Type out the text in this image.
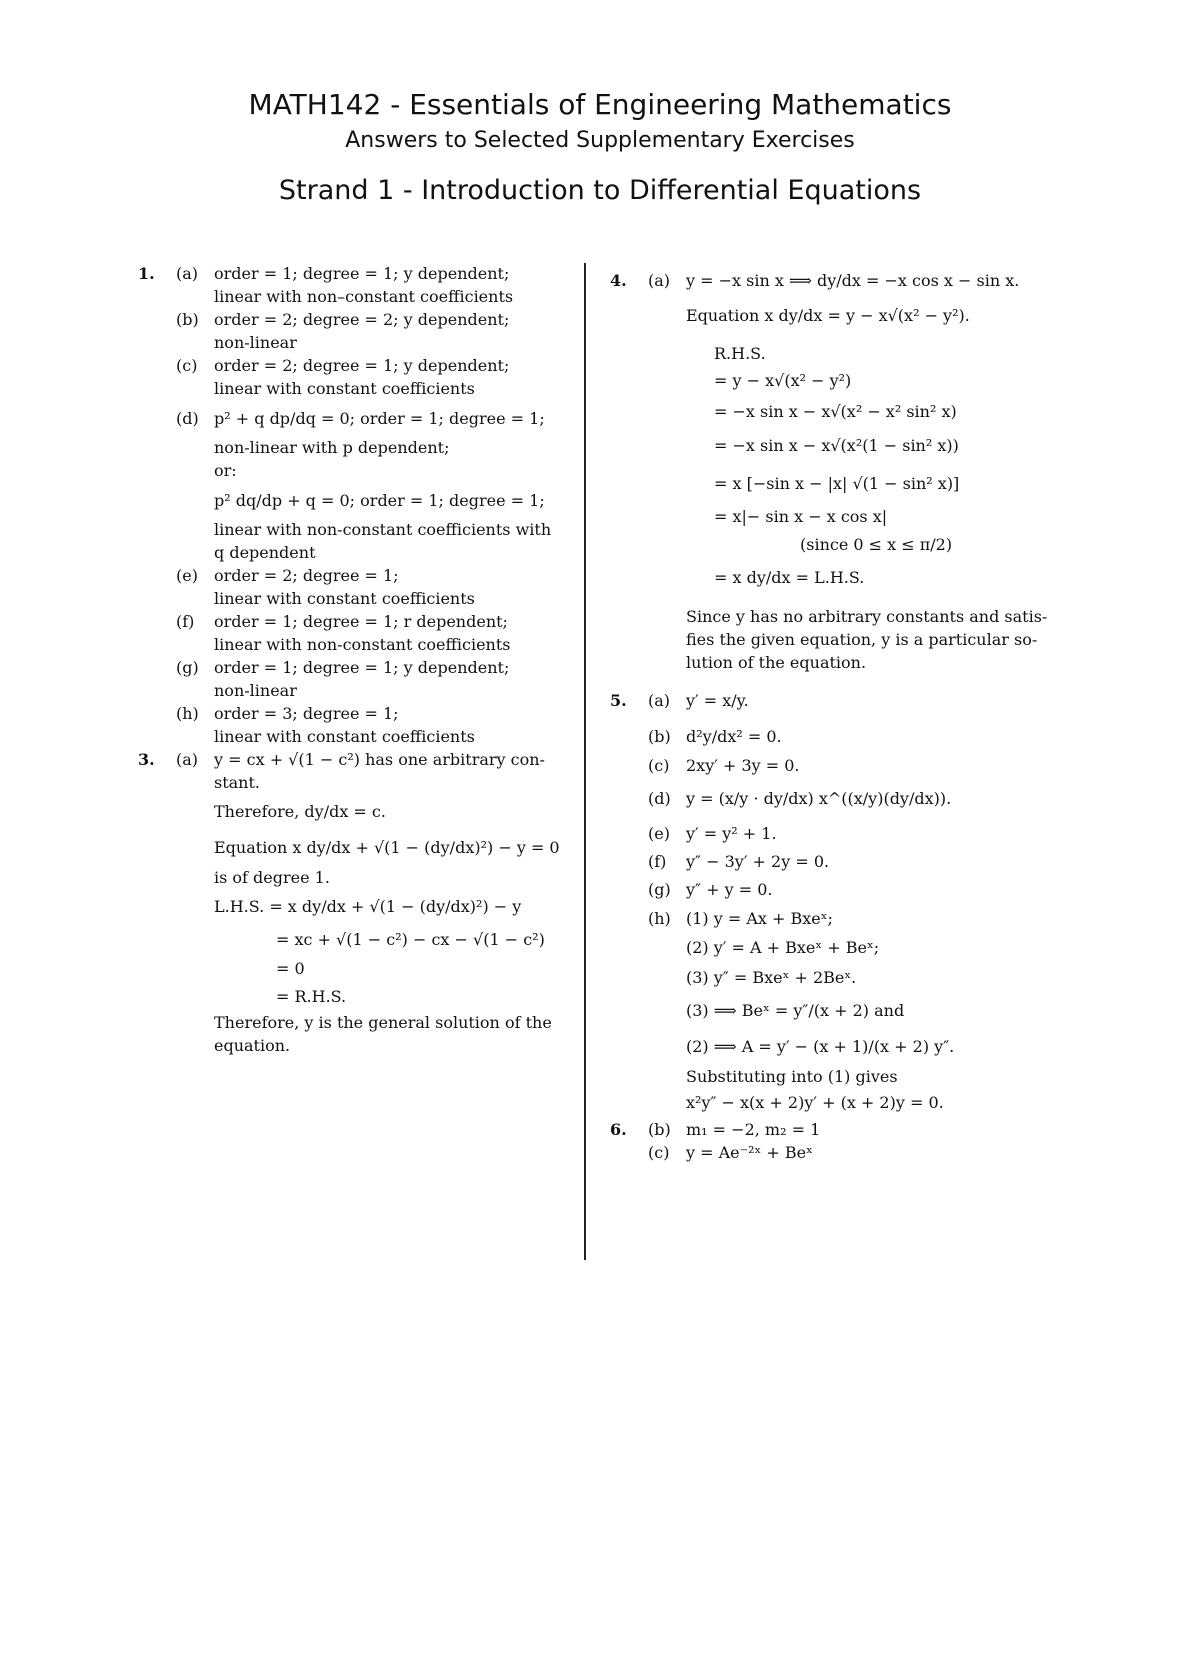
MATH142 - Essentials of Engineering Mathematics
Answers to Selected Supplementary Exercises
Strand 1 - Introduction to Differential Equations
1.	(a) order = 1; degree = 1; y dependent;
linear with non–constant coefficients
(b) order = 2; degree = 2; y dependent;
non-linear
(c)	order = 2; degree = 1; y dependent;
linear with constant coefficients
(d) p² + q dp/dq = 0; order = 1; degree = 1;
non-linear with p dependent;
or:
p² dq/dp + q = 0; order = 1; degree = 1;
linear with non-constant coefficients with
q dependent
(e)	order = 2; degree = 1;
linear with constant coefficients
(f)	order = 1; degree = 1; r dependent;
linear with non-constant coefficients
(g) order = 1; degree = 1; y dependent;
non-linear
(h) order = 3; degree = 1;
linear with constant coefficients
3.	(a) y = cx + √(1 − c²) has one arbitrary con-
stant.
Therefore, dy/dx = c.
Equation x dy/dx + √(1 − (dy/dx)²) − y = 0
is of degree 1.
L.H.S. = x dy/dx + √(1 − (dy/dx)²) − y
= xc + √(1 − c²) − cx − √(1 − c²)
= 0
= R.H.S.
Therefore, y is the general solution of the
equation.
4.	(a) y = −x sin x ⟹ dy/dx = −x cos x − sin x.
Equation x dy/dx = y − x√(x² − y²).
R.H.S.
= y − x√(x² − y²)
= −x sin x − x√(x² − x² sin² x)
= −x sin x − x√(x²(1 − sin² x))
= x [−sin x − |x| √(1 − sin² x)]
= x|− sin x − x cos x|
(since 0 ≤ x ≤ π/2)
= x dy/dx = L.H.S.
Since y has no arbitrary constants and satis-
fies the given equation, y is a particular so-
lution of the equation.
5.	(a) y′ = x/y.
(b) d²y/dx² = 0.
(c)	2xy′ + 3y = 0.
(d) y = (x/y · dy/dx) x^((x/y)(dy/dx)).
(e)	y′ = y² + 1.
(f)	y″ − 3y′ + 2y = 0.
(g) y″ + y = 0.
(h) (1) y = Ax + Bxeˣ;
(2) y′ = A + Bxeˣ + Beˣ;
(3) y″ = Bxeˣ + 2Beˣ.
(3) ⟹ Beˣ = y″/(x + 2) and
(2) ⟹ A = y′ − (x + 1)/(x + 2) y″.
Substituting into (1) gives
x²y″ − x(x + 2)y′ + (x + 2)y = 0.
6.	(b) m₁ = −2, m₂ = 1
(c)	y = Ae⁻²ˣ + Beˣ
